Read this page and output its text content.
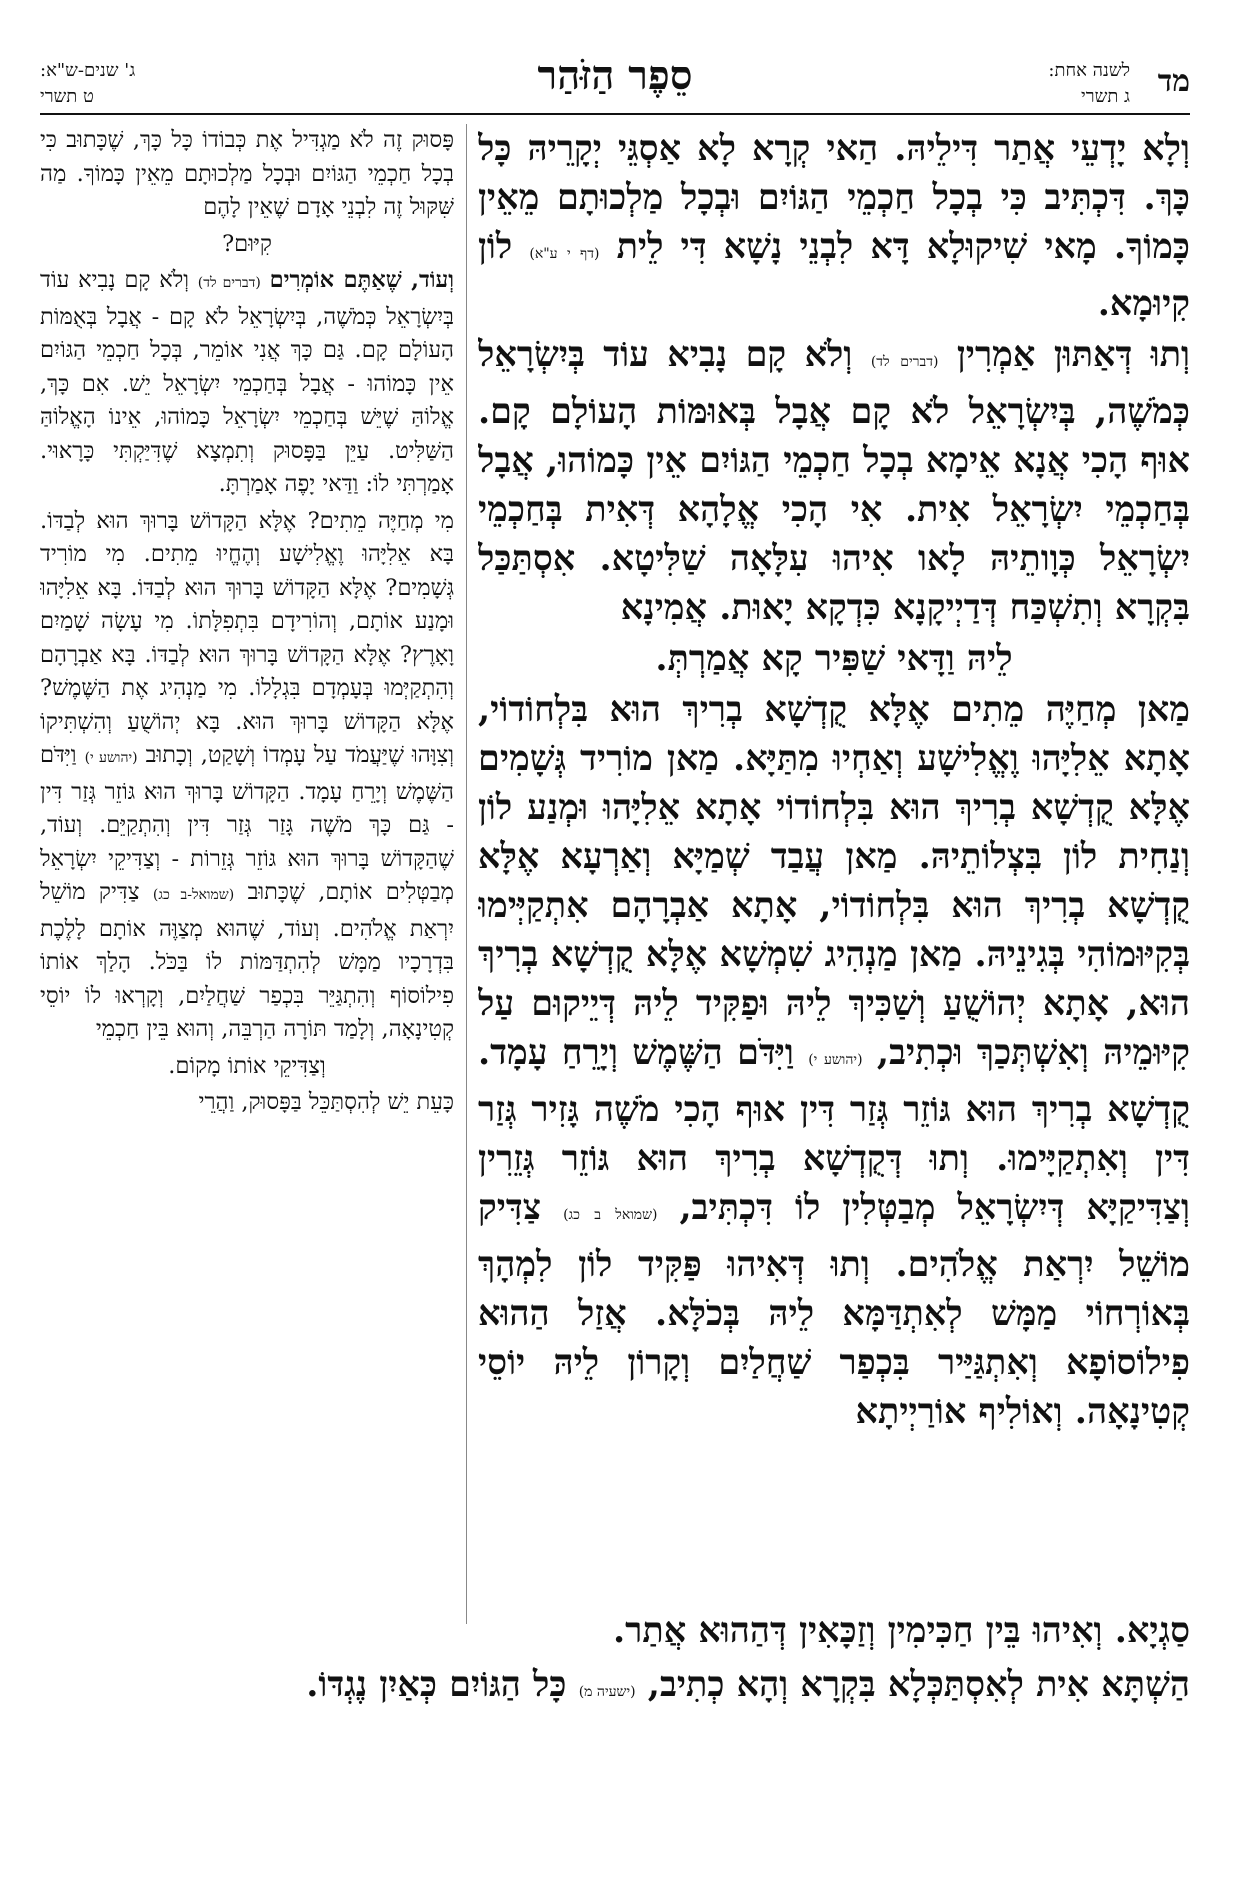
מד
לשנה אחת:
ג תשרי
סֵפֶר הַזֹּהַר
ג' שנים-ש"א:
ט תשרי

וְלָא יָדְעֵי אֲתַר דִּילֵיהּ. הַאי קְרָא לָא אַסְגֵּי יְקָרֵיהּ כָּל כָּךְ. דִּכְתִּיב כִּי בְכָל חַכְמֵי הַגּוֹיִם וּבְכָל מַלְכוּתָם מֵאֵין כָּמוֹךָ. מָאי שִׁיקוּלָא דָּא לִבְנֵי נָשָׁא דִּי לֵית (דף י ע"א) לוֹן קִיוּמָא.

וְתוּ דְּאַתּוּן אַמְרִין (דברים לד) וְלֹא קָם נָבִיא עוֹד בְּיִשְׂרָאֵל כְּמֹשֶׁה, בְּיִשְׂרָאֵל לֹא קָם אֲבָל בְּאוּמּוֹת הָעוֹלָם קָם. אוּף הָכִי אֲנָא אֵימָא בְכָל חַכְמֵי הַגּוֹיִם אֵין כָּמוֹהוּ, אֲבָל בְּחַכְמֵי יִשְׂרָאֵל אִית. אִי הָכִי אֱלָהָא דְּאִית בְּחַכְמֵי יִשְׂרָאֵל כְּוָותֵיהּ לָאו אִיהוּ עִלָּאָה שַׁלִּיטָא. אִסְתַּכַּל בִּקְרָא וְתִשְׁכַּח דְּדַיְיקָנָא כִּדְקָא יָאוּת. אֲמִינָא

לֵיהּ וַדָּאי שַׁפִּיר קָא אֲמַרְתְּ.

מַאן מְחַיֶּה מֵתִים אֶלָּא קֻדְשָׁא בְרִיךְ הוּא בִּלְחוֹדוֹי, אָתָא אֵלִיָּהוּ וֶאֱלִישָׁע וְאַחְיוּ מִתַּיָּא. מַאן מוֹרִיד גְּשָׁמִים אֶלָּא קֻדְשָׁא בְרִיךְ הוּא בִּלְחוֹדוֹי אָתָא אֵלִיָּהוּ וּמְנַע לוֹן וְנַחִית לוֹן בִּצְלוֹתֵיהּ. מַאן עֲבַד שְׁמַיָּא וְאַרְעָא אֶלָּא קֻדְשָׁא בְרִיךְ הוּא בִּלְחוֹדוֹי, אָתָא אַבְרָהָם אִתְקַיְּימוּ בְּקִיּוּמוֹהִי בְּגִינֵיהּ. מַאן מַנְהִיג שִׁמְשָׁא אֶלָּא קֻדְשָׁא בְרִיךְ הוּא, אָתָא יְהוֹשֻׁעַ וְשַׁכִּיךְ לֵיהּ וּפַקִּיד לֵיהּ דְּיֵיקוּם עַל קִיּוּמֵיהּ וְאִשְׁתְּכַךְ וּכְתִיב, (יהושע י) וַיִּדֹּם הַשֶּׁמֶשׁ וְיָרֵחַ עָמָד. קֻדְשָׁא בְרִיךְ הוּא גּוֹזֵר גְּזַר דִּין אוּף הָכִי מֹשֶׁה גָּזִיר גְּזַר דִּין וְאִתְקַיָּימוּ. וְתוּ דְּקֻדְשָׁא בְרִיךְ הוּא גּוֹזֵר גְּזֵרִין וְצַדִּיקַיָּא דְּיִשְׂרָאֵל מְבַטְּלִין לוֹ דִּכְתִּיב, (שמואל ב כג) צַדִּיק מוֹשֵׁל יִרְאַת אֱלֹהִים. וְתוּ דְּאִיהוּ פַּקִּיד לוֹן לִמְהָךְ בְּאוֹרְחוֹי מַמָּשׁ לְאִתְדַּמָּא לֵיהּ בְּכֹלָּא. אֲזַל הַהוּא פִילוֹסוֹפָא וְאִתְגַּיַּיר בִּכְפַר שַׁחֲלַיִם וְקָרוֹן לֵיהּ יוֹסֵי קְטִינָאָה. וְאוֹלִיף אוֹרַיְיתָא

פָּסוּק זֶה לֹא מַגְדִּיל אֶת כְּבוֹדוֹ כָּל כָּךְ, שֶׁכָּתוּב כִּי בְכָל חַכְמֵי הַגּוֹיִם וּבְכָל מַלְכוּתָם מֵאֵין כָּמוֹךָ. מַה שִּׁקּוּל זֶה לִבְנֵי אָדָם שֶׁאֵין לָהֶם

קִיּוּם?

וְעוֹד, שֶׁאַתֶּם אוֹמְרִים (דברים לד) וְלֹא קָם נָבִיא עוֹד בְּיִשְׂרָאֵל כְּמֹשֶׁה, בְּיִשְׂרָאֵל לֹא קָם - אֲבָל בְּאֻמּוֹת הָעוֹלָם קָם. גַּם כָּךְ אֲנִי אוֹמֵר, בְּכָל חַכְמֵי הַגּוֹיִם אֵין כָּמוֹהוּ - אֲבָל בְּחַכְמֵי יִשְׂרָאֵל יֵשׁ. אִם כָּךְ, אֱלוֹהַּ שֶׁיֵּשׁ בְּחַכְמֵי יִשְׂרָאֵל כָּמוֹהוּ, אֵינוֹ הָאֱלוֹהַּ הַשַּׁלִּיט. עַיֵּן בַּפָּסוּק וְתִמְצָא שֶׁדִּיַּקְתִּי כָּרָאוּי. אָמַרְתִּי לוֹ: וַדַּאי יָפֶה אָמַרְתָּ.

מִי מְחַיֶּה מֵתִים? אֶלָּא הַקָּדוֹשׁ בָּרוּךְ הוּא לְבַדּוֹ. בָּא אֵלִיָּהוּ וֶאֱלִישָׁע וְהֶחֱיוּ מֵתִים. מִי מוֹרִיד גְּשָׁמִים? אֶלָּא הַקָּדוֹשׁ בָּרוּךְ הוּא לְבַדּוֹ. בָּא אֵלִיָּהוּ וּמָנַע אוֹתָם, וְהוֹרִידָם בִּתְפִלָּתוֹ. מִי עָשָׂה שָׁמַיִם וָאָרֶץ? אֶלָּא הַקָּדוֹשׁ בָּרוּךְ הוּא לְבַדּוֹ. בָּא אַבְרָהָם וְהִתְקַיְּמוּ בְּעָמְדָם בִּגְלָלוֹ. מִי מַנְהִיג אֶת הַשֶּׁמֶשׁ? אֶלָּא הַקָּדוֹשׁ בָּרוּךְ הוּא. בָּא יְהוֹשֻׁעַ וְהִשְׁתִּיקוֹ וְצִוָּהוּ שֶׁיַּעֲמֹד עַל עָמְדוֹ וְשָׁקַט, וְכָתוּב (יהושע י) וַיִּדֹּם הַשֶּׁמֶשׁ וְיָרֵחַ עָמָד. הַקָּדוֹשׁ בָּרוּךְ הוּא גּוֹזֵר גְּזַר דִּין - גַּם כָּךְ מֹשֶׁה גָּזַר גְּזַר דִּין וְהִתְקַיֵּם. וְעוֹד, שֶׁהַקָּדוֹשׁ בָּרוּךְ הוּא גּוֹזֵר גְּזֵרוֹת - וְצַדִּיקֵי יִשְׂרָאֵל מְבַטְּלִים אוֹתָם, שֶׁכָּתוּב (שמואל-ב כג) צַדִּיק מוֹשֵׁל יִרְאַת אֱלֹהִים. וְעוֹד, שֶׁהוּא מְצַוֶּה אוֹתָם לָלֶכֶת בִּדְרָכָיו מַמָּשׁ לְהִתְדַּמּוֹת לוֹ בַּכֹּל. הָלַךְ אוֹתוֹ פִילוֹסוֹף וְהִתְגַּיֵּר בִּכְפַר שַׁחֲלַיִם, וְקָרְאוּ לוֹ יוֹסֵי קְטִינָאָה, וְלָמַד תּוֹרָה הַרְבֵּה, וְהוּא בֵּין חַכְמֵי

וְצַדִּיקֵי אוֹתוֹ מָקוֹם.

כָּעֵת יֵשׁ לְהִסְתַּכֵּל בַּפָּסוּק, וַהֲרֵי

סַגְיָא. וְאִיהוּ בֵּין חַכִּימִין וְזַכָּאִין דְּהַהוּא אֲתַר.
הַשְׁתָּא אִית לְאִסְתַּכְּלָא בִּקְרָא וְהָא כְתִיב, (ישעיה מ) כָּל הַגּוֹיִם כְּאַיִן נֶגְדּוֹ.
